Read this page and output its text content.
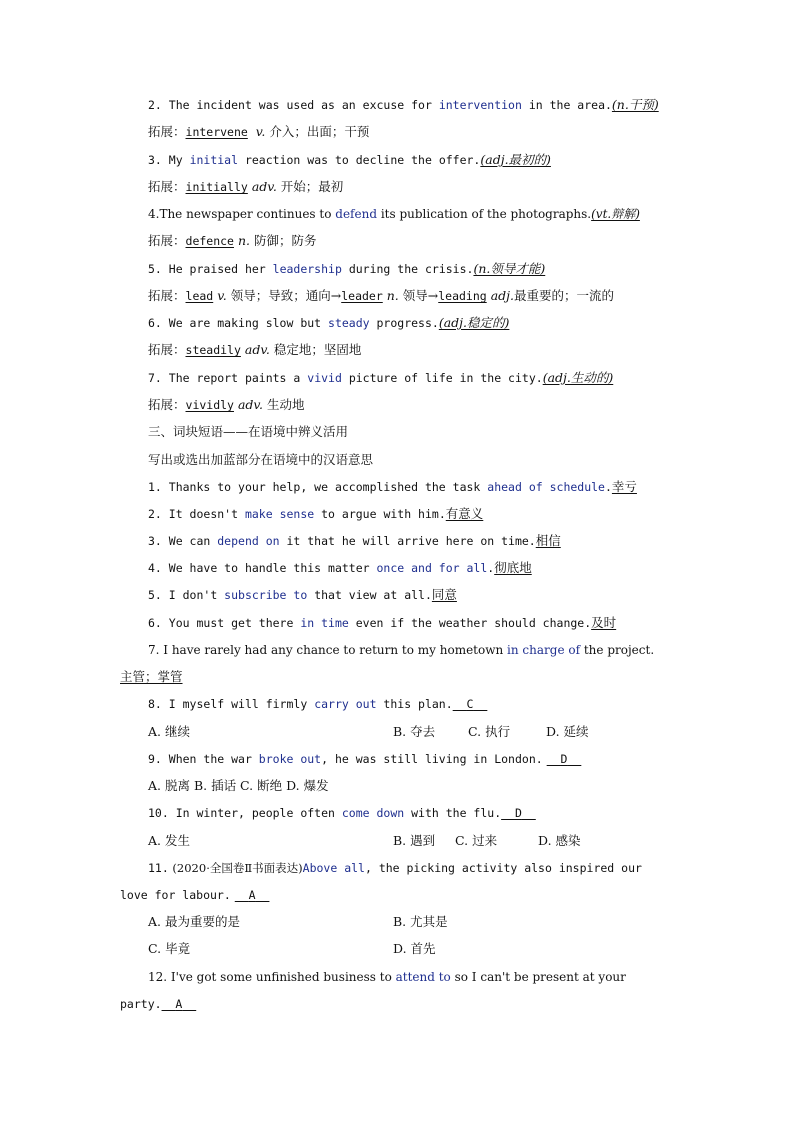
2. The incident was used as an excuse for intervention in the area.(n.干预)
拓展：intervene v. 介入；出面；干预
3. My initial reaction was to decline the offer.(adj.最初的)
拓展：initially adv. 开始；最初
4.The newspaper continues to defend its publication of the photographs.(vt.辩解)
拓展：defence n. 防御；防务
5. He praised her leadership during the crisis.(n.领导才能)
拓展：lead v. 领导；导致；通向→leader n. 领导→leading adj.最重要的；一流的
6. We are making slow but steady progress.(adj.稳定的)
拓展：steadily adv. 稳定地；坚固地
7. The report paints a vivid picture of life in the city.(adj.生动的)
拓展：vividly adv. 生动地
三、词块短语——在语境中辨义活用
写出或选出加蓝部分在语境中的汉语意思
1. Thanks to your help, we accomplished the task ahead of schedule.幸亏
2. It doesn't make sense to argue with him.有意义
3. We can depend on it that he will arrive here on time.相信
4. We have to handle this matter once and for all.彻底地
5. I don't subscribe to that view at all.同意
6. You must get there in time even if the weather should change.及时
7. I have rarely had any chance to return to my hometown in charge of the project.
主管；掌管
8. I myself will firmly carry out this plan. C
A. 继续	B. 夺去	C. 执行	D. 延续
9. When the war broke out, he was still living in London. D
A. 脱离 B. 插话 C. 断绝 D. 爆发
10. In winter, people often come down with the flu. D
A. 发生	B. 遇到 C. 过来	D. 感染
11. (2020·全国卷Ⅱ书面表达)Above all, the picking activity also inspired our
love for labour. A
A. 最为重要的是	B. 尤其是
C. 毕竟	D. 首先
12. I've got some unfinished business to attend to so I can't be present at your
party. A
